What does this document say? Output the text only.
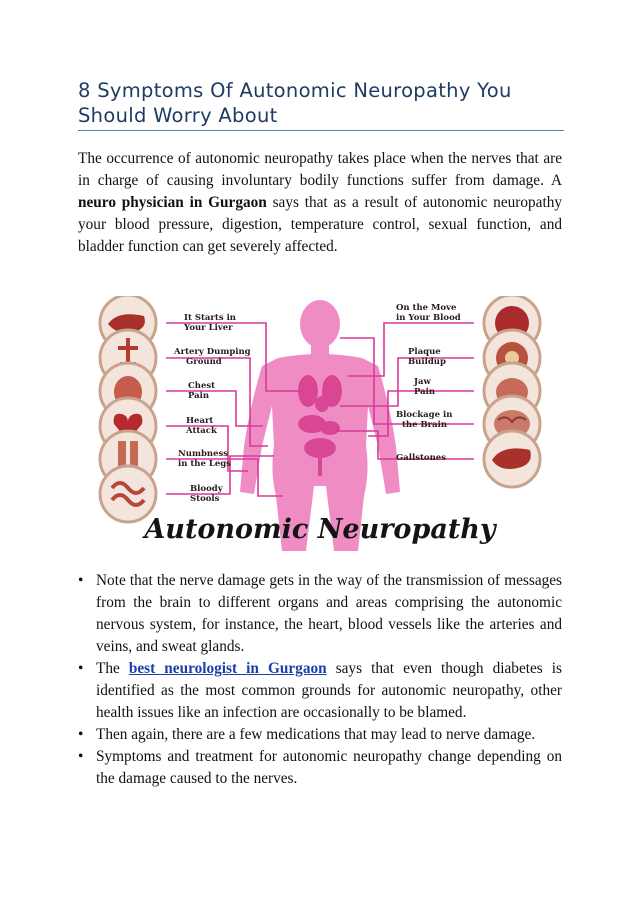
8 Symptoms Of Autonomic Neuropathy You Should Worry About

The occurrence of autonomic neuropathy takes place when the nerves that are in charge of causing involuntary bodily functions suffer from damage. A neuro physician in Gurgaon says that as a result of autonomic neuropathy your blood pressure, digestion, temperature control, sexual function, and bladder function can get severely affected.

It Starts in Your Liver
Artery Dumping Ground
Chest Pain
Heart Attack
Numbness in the Legs
Bloody Stools
On the Move in Your Blood
Plaque Buildup
Jaw Pain
Blockage in the Brain
Gallstones
Autonomic Neuropathy
• Note that the nerve damage gets in the way of the transmission of messages from the brain to different organs and areas comprising the autonomic nervous system, for instance, the heart, blood vessels like the arteries and veins, and sweat glands.
• The best neurologist in Gurgaon says that even though diabetes is identified as the most common grounds for autonomic neuropathy, other health issues like an infection are occasionally to be blamed.
• Then again, there are a few medications that may lead to nerve damage.
• Symptoms and treatment for autonomic neuropathy change depending on the damage caused to the nerves.
